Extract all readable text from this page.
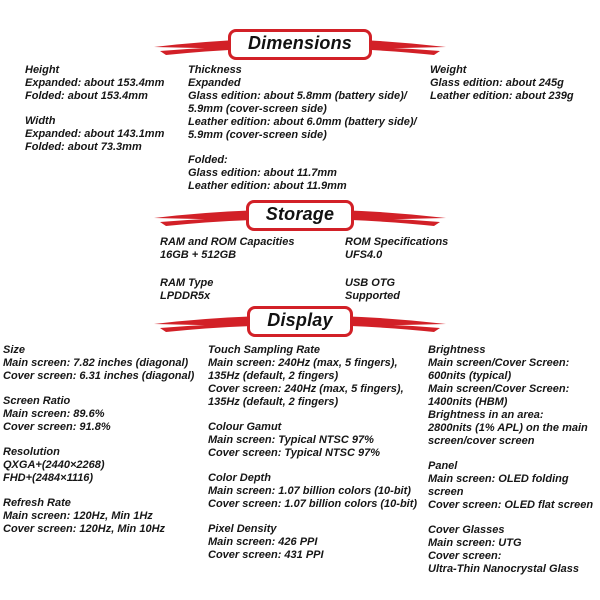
Dimensions
Height
Expanded: about 153.4mm
Folded: about 153.4mm
Width
Expanded: about 143.1mm
Folded: about 73.3mm
Thickness
Expanded
Glass edition: about 5.8mm (battery side)/
5.9mm (cover-screen side)
Leather edition: about 6.0mm (battery side)/
5.9mm (cover-screen side)
Folded:
Glass edition: about 11.7mm
Leather edition: about 11.9mm
Weight
Glass edition: about 245g
Leather edition: about 239g
Storage
RAM and ROM Capacities
16GB + 512GB
RAM Type
LPDDR5x
ROM Specifications
UFS4.0
USB OTG
Supported
Display
Size
Main screen: 7.82 inches (diagonal)
Cover screen: 6.31 inches (diagonal)
Screen Ratio
Main screen: 89.6%
Cover screen: 91.8%
Resolution
QXGA+(2440×2268)
FHD+(2484×1116)
Refresh Rate
Main screen: 120Hz, Min 1Hz
Cover screen: 120Hz, Min 10Hz
Touch Sampling Rate
Main screen: 240Hz (max, 5 fingers),
135Hz (default, 2 fingers)
Cover screen: 240Hz (max, 5 fingers),
135Hz (default, 2 fingers)
Colour Gamut
Main screen: Typical NTSC 97%
Cover screen: Typical NTSC 97%
Color Depth
Main screen: 1.07 billion colors (10-bit)
Cover screen: 1.07 billion colors (10-bit)
Pixel Density
Main screen: 426 PPI
Cover screen: 431 PPI
Brightness
Main screen/Cover Screen:
600nits (typical)
Main screen/Cover Screen:
1400nits (HBM)
Brightness in an area:
2800nits (1% APL) on the main
screen/cover screen
Panel
Main screen: OLED folding screen
Cover screen: OLED flat screen
Cover Glasses
Main screen: UTG
Cover screen:
Ultra-Thin Nanocrystal Glass
